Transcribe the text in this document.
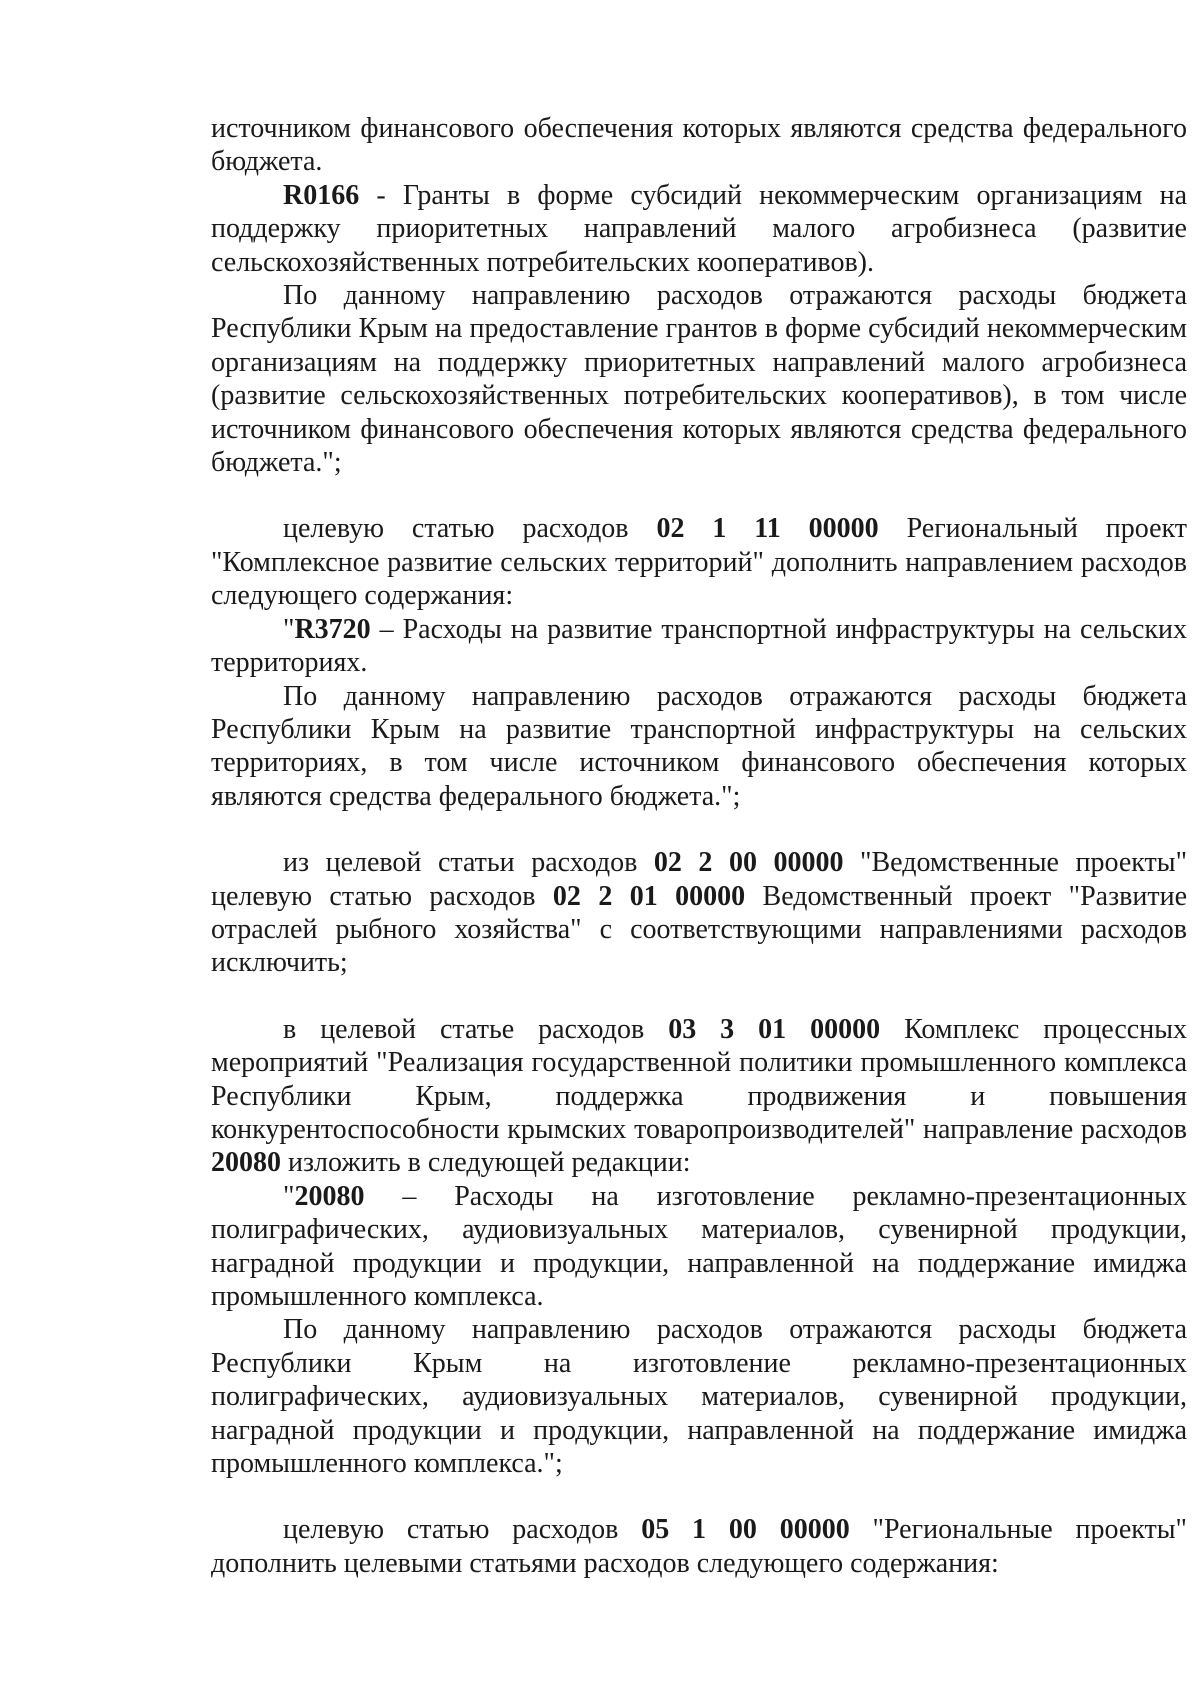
источником финансового обеспечения которых являются средства федерального бюджета.

R0166 - Гранты в форме субсидий некоммерческим организациям на поддержку приоритетных направлений малого агробизнеса (развитие сельскохозяйственных потребительских кооперативов).

По данному направлению расходов отражаются расходы бюджета Республики Крым на предоставление грантов в форме субсидий некоммерческим организациям на поддержку приоритетных направлений малого агробизнеса (развитие сельскохозяйственных потребительских кооперативов), в том числе источником финансового обеспечения которых являются средства федерального бюджета.";

целевую статью расходов 02 1 11 00000 Региональный проект "Комплексное развитие сельских территорий" дополнить направлением расходов следующего содержания:

"R3720 – Расходы на развитие транспортной инфраструктуры на сельских территориях.

По данному направлению расходов отражаются расходы бюджета Республики Крым на развитие транспортной инфраструктуры на сельских территориях, в том числе источником финансового обеспечения которых являются средства федерального бюджета.";

из целевой статьи расходов 02 2 00 00000 "Ведомственные проекты" целевую статью расходов 02 2 01 00000 Ведомственный проект "Развитие отраслей рыбного хозяйства" с соответствующими направлениями расходов исключить;

в целевой статье расходов 03 3 01 00000 Комплекс процессных мероприятий "Реализация государственной политики промышленного комплекса Республики Крым, поддержка продвижения и повышения конкурентоспособности крымских товаропроизводителей" направление расходов 20080 изложить в следующей редакции:

"20080 – Расходы на изготовление рекламно-презентационных полиграфических, аудиовизуальных материалов, сувенирной продукции, наградной продукции и продукции, направленной на поддержание имиджа промышленного комплекса.

По данному направлению расходов отражаются расходы бюджета Республики Крым на изготовление рекламно-презентационных полиграфических, аудиовизуальных материалов, сувенирной продукции, наградной продукции и продукции, направленной на поддержание имиджа промышленного комплекса.";

целевую статью расходов 05 1 00 00000 "Региональные проекты" дополнить целевыми статьями расходов следующего содержания:
